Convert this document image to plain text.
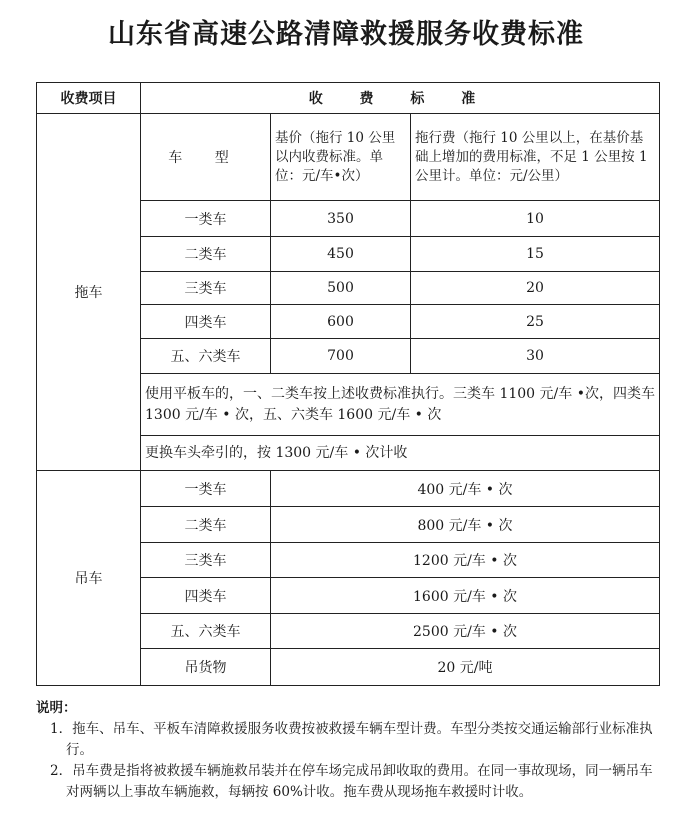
山东省高速公路清障救援服务收费标准
收费项目	收 费 标 准		
拖车	车 型	基价（拖行 10 公里以内收费标准。单位：元/车•次）	拖行费（拖行 10 公里以上，在基价基础上增加的费用标准，不足 1 公里按 1 公里计。单位：元/公里）
	一类车	350	10
	二类车	450	15
	三类车	500	20
	四类车	600	25
	五、六类车	700	30
	使用平板车的，一、二类车按上述收费标准执行。三类车 1100 元/车 •次，四类车 1300 元/车 • 次，五、六类车 1600 元/车 • 次		
	更换车头牵引的，按 1300 元/车 • 次计收		
吊车	一类车	400 元/车 • 次	
	二类车	800 元/车 • 次	
	三类车	1200 元/车 • 次	
	四类车	1600 元/车 • 次	
	五、六类车	2500 元/车 • 次	
	吊货物	20 元/吨	
说明：
1．拖车、吊车、平板车清障救援服务收费按被救援车辆车型计费。车型分类按交通运输部行业标准执行。
2．吊车费是指将被救援车辆施救吊装并在停车场完成吊卸收取的费用。在同一事故现场，同一辆吊车对两辆以上事故车辆施救，每辆按 60%计收。拖车费从现场拖车救援时计收。
